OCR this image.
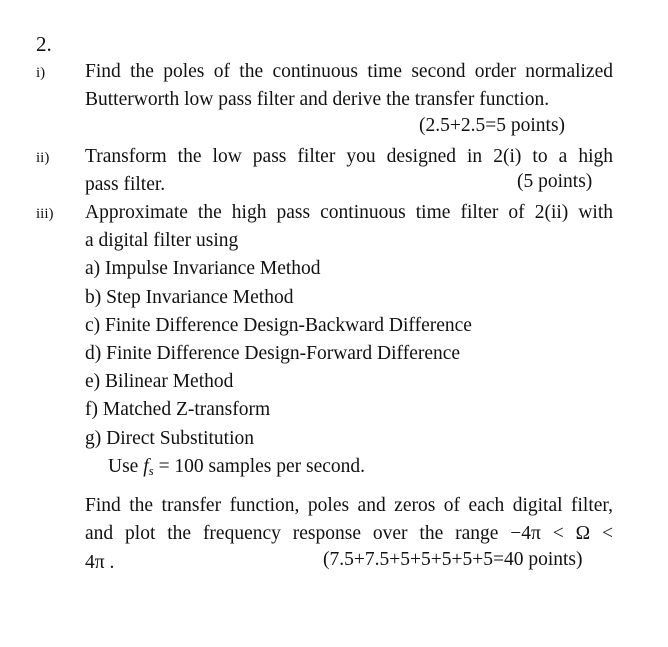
2.
i) Find the poles of the continuous time second order normalized
Butterworth low pass filter and derive the transfer function.
(2.5+2.5=5 points)
ii) Transform the low pass filter you designed in 2(i) to a high
pass filter.	(5 points)
iii) Approximate the high pass continuous time filter of 2(ii) with
a digital filter using
a) Impulse Invariance Method
b) Step Invariance Method
c) Finite Difference Design-Backward Difference
d) Finite Difference Design-Forward Difference
e) Bilinear Method
f) Matched Z-transform
g) Direct Substitution
Use $f_s = 100$ samples per second.
Find the transfer function, poles and zeros of each digital filter,
and plot the frequency response over the range −4π < Ω <
4π .	(7.5+7.5+5+5+5+5+5=40 points)
